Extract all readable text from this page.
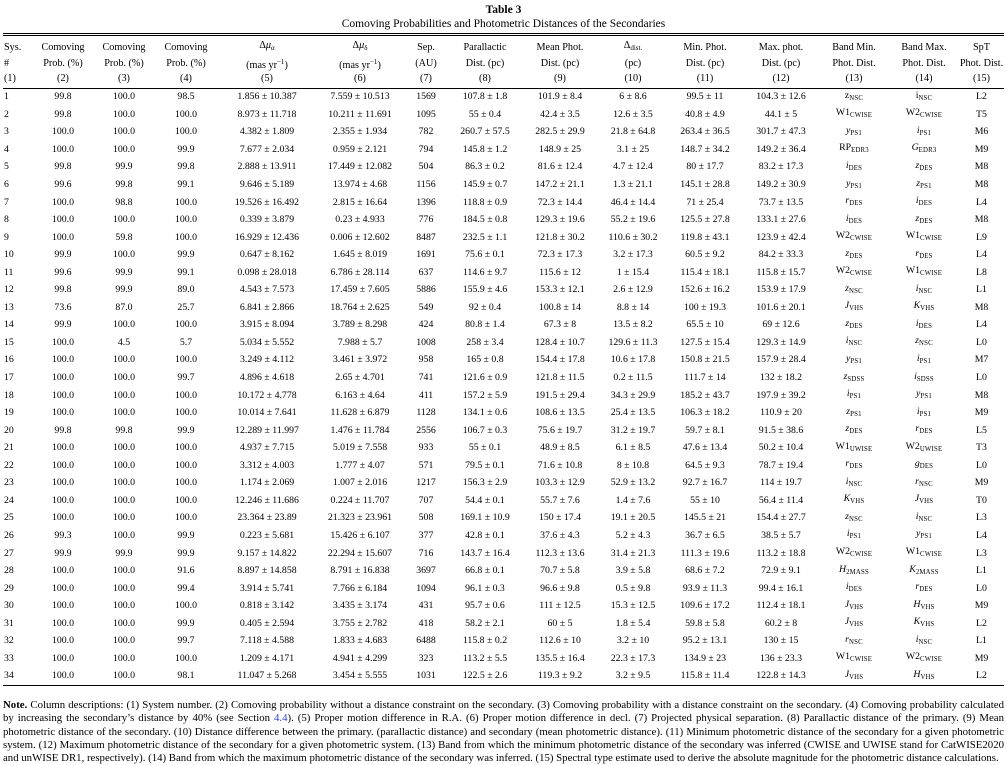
Table 3
Comoving Probabilities and Photometric Distances of the Secondaries
Sys.	Comoving	Comoving	Comoving	$\Delta\mu_\alpha$	$\Delta\mu_\delta$	Sep.	Parallactic	Mean Phot.	$\Delta_{dist.}$	Min. Phot.	Max. phot.	Band Min.	Band Max.	SpT
#	Prob. (%)	Prob. (%)	Prob. (%)	(mas $yr^{-1}$)	(mas $yr^{-1}$)	(AU)	Dist. (pc)	Dist. (pc)	(pc)	Dist. (pc)	Dist. (pc)	Phot. Dist.	Phot. Dist.	Phot. Dist.
(1)	(2)	(3)	(4)	(5)	(6)	(7)	(8)	(9)	(10)	(11)	(12)	(13)	(14)	(15)
1	99.8	100.0	98.5	1.856 ± 10.387	7.559 ± 10.513	1569	107.8 ± 1.8	101.9 ± 8.4	6 ± 8.6	99.5 ± 11	104.3 ± 12.6	$z_{NSC}$	$i_{NSC}$	L2
2	99.8	100.0	100.0	8.973 ± 11.718	10.211 ± 11.691	1095	55 ± 0.4	42.4 ± 3.5	12.6 ± 3.5	40.8 ± 4.9	44.1 ± 5	$W1_{CWISE}$	$W2_{CWISE}$	T5
3	100.0	100.0	100.0	4.382 ± 1.809	2.355 ± 1.934	782	260.7 ± 57.5	282.5 ± 29.9	21.8 ± 64.8	263.4 ± 36.5	301.7 ± 47.3	$y_{PS1}$	$i_{PS1}$	M6
4	100.0	100.0	99.9	7.677 ± 2.034	0.959 ± 2.121	794	145.8 ± 1.2	148.9 ± 25	3.1 ± 25	148.7 ± 34.2	149.2 ± 36.4	$RP_{EDR3}$	$G_{EDR3}$	M9
5	99.8	99.9	99.8	2.888 ± 13.911	17.449 ± 12.082	504	86.3 ± 0.2	81.6 ± 12.4	4.7 ± 12.4	80 ± 17.7	83.2 ± 17.3	$i_{DES}$	$z_{DES}$	M8
6	99.6	99.8	99.1	9.646 ± 5.189	13.974 ± 4.68	1156	145.9 ± 0.7	147.2 ± 21.1	1.3 ± 21.1	145.1 ± 28.8	149.2 ± 30.9	$y_{PS1}$	$z_{PS1}$	M8
7	100.0	98.8	100.0	19.526 ± 16.492	2.815 ± 16.64	1396	118.8 ± 0.9	72.3 ± 14.4	46.4 ± 14.4	71 ± 25.4	73.7 ± 13.5	$r_{DES}$	$i_{DES}$	L4
8	100.0	100.0	100.0	0.339 ± 3.879	0.23 ± 4.933	776	184.5 ± 0.8	129.3 ± 19.6	55.2 ± 19.6	125.5 ± 27.8	133.1 ± 27.6	$i_{DES}$	$z_{DES}$	M8
9	100.0	59.8	100.0	16.929 ± 12.436	0.006 ± 12.602	8487	232.5 ± 1.1	121.8 ± 30.2	110.6 ± 30.2	119.8 ± 43.1	123.9 ± 42.4	$W2_{CWISE}$	$W1_{CWISE}$	L9
10	99.9	100.0	99.9	0.647 ± 8.162	1.645 ± 8.019	1691	75.6 ± 0.1	72.3 ± 17.3	3.2 ± 17.3	60.5 ± 9.2	84.2 ± 33.3	$z_{DES}$	$r_{DES}$	L4
11	99.6	99.9	99.1	0.098 ± 28.018	6.786 ± 28.114	637	114.6 ± 9.7	115.6 ± 12	1 ± 15.4	115.4 ± 18.1	115.8 ± 15.7	$W2_{CWISE}$	$W1_{CWISE}$	L8
12	99.8	99.9	89.0	4.543 ± 7.573	17.459 ± 7.605	5886	155.9 ± 4.6	153.3 ± 12.1	2.6 ± 12.9	152.6 ± 16.2	153.9 ± 17.9	$z_{NSC}$	$i_{NSC}$	L1
13	73.6	87.0	25.7	6.841 ± 2.866	18.764 ± 2.625	549	92 ± 0.4	100.8 ± 14	8.8 ± 14	100 ± 19.3	101.6 ± 20.1	$J_{VHS}$	$K_{VHS}$	M8
14	99.9	100.0	100.0	3.915 ± 8.094	3.789 ± 8.298	424	80.8 ± 1.4	67.3 ± 8	13.5 ± 8.2	65.5 ± 10	69 ± 12.6	$z_{DES}$	$i_{DES}$	L4
15	100.0	4.5	5.7	5.034 ± 5.552	7.988 ± 5.7	1008	258 ± 3.4	128.4 ± 10.7	129.6 ± 11.3	127.5 ± 15.4	129.3 ± 14.9	$i_{NSC}$	$z_{NSC}$	L0
16	100.0	100.0	100.0	3.249 ± 4.112	3.461 ± 3.972	958	165 ± 0.8	154.4 ± 17.8	10.6 ± 17.8	150.8 ± 21.5	157.9 ± 28.4	$y_{PS1}$	$i_{PS1}$	M7
17	100.0	100.0	99.7	4.896 ± 4.618	2.65 ± 4.701	741	121.6 ± 0.9	121.8 ± 11.5	0.2 ± 11.5	111.7 ± 14	132 ± 18.2	$z_{SDSS}$	$i_{SDSS}$	L0
18	100.0	100.0	100.0	10.172 ± 4.778	6.163 ± 4.64	411	157.2 ± 5.9	191.5 ± 29.4	34.3 ± 29.9	185.2 ± 43.7	197.9 ± 39.2	$i_{PS1}$	$y_{PS1}$	M8
19	100.0	100.0	100.0	10.014 ± 7.641	11.628 ± 6.879	1128	134.1 ± 0.6	108.6 ± 13.5	25.4 ± 13.5	106.3 ± 18.2	110.9 ± 20	$z_{PS1}$	$i_{PS1}$	M9
20	99.8	99.8	99.9	12.289 ± 11.997	1.476 ± 11.784	2556	106.7 ± 0.3	75.6 ± 19.7	31.2 ± 19.7	59.7 ± 8.1	91.5 ± 38.6	$z_{DES}$	$r_{DES}$	L5
21	100.0	100.0	100.0	4.937 ± 7.715	5.019 ± 7.558	933	55 ± 0.1	48.9 ± 8.5	6.1 ± 8.5	47.6 ± 13.4	50.2 ± 10.4	$W1_{UWISE}$	$W2_{UWISE}$	T3
22	100.0	100.0	100.0	3.312 ± 4.003	1.777 ± 4.07	571	79.5 ± 0.1	71.6 ± 10.8	8 ± 10.8	64.5 ± 9.3	78.7 ± 19.4	$r_{DES}$	$g_{DES}$	L0
23	100.0	100.0	100.0	1.174 ± 2.069	1.007 ± 2.016	1217	156.3 ± 2.9	103.3 ± 12.9	52.9 ± 13.2	92.7 ± 16.7	114 ± 19.7	$i_{NSC}$	$r_{NSC}$	M9
24	100.0	100.0	100.0	12.246 ± 11.686	0.224 ± 11.707	707	54.4 ± 0.1	55.7 ± 7.6	1.4 ± 7.6	55 ± 10	56.4 ± 11.4	$K_{VHS}$	$J_{VHS}$	T0
25	100.0	100.0	100.0	23.364 ± 23.89	21.323 ± 23.961	508	169.1 ± 10.9	150 ± 17.4	19.1 ± 20.5	145.5 ± 21	154.4 ± 27.7	$z_{NSC}$	$i_{NSC}$	L3
26	99.3	100.0	99.9	0.223 ± 5.681	15.426 ± 6.107	377	42.8 ± 0.1	37.6 ± 4.3	5.2 ± 4.3	36.7 ± 6.5	38.5 ± 5.7	$i_{PS1}$	$y_{PS1}$	L4
27	99.9	99.9	99.9	9.157 ± 14.822	22.294 ± 15.607	716	143.7 ± 16.4	112.3 ± 13.6	31.4 ± 21.3	111.3 ± 19.6	113.2 ± 18.8	$W2_{CWISE}$	$W1_{CWISE}$	L3
28	100.0	100.0	91.6	8.897 ± 14.858	8.791 ± 16.838	3697	66.8 ± 0.1	70.7 ± 5.8	3.9 ± 5.8	68.6 ± 7.2	72.9 ± 9.1	$H_{2MASS}$	$K_{2MASS}$	L1
29	100.0	100.0	99.4	3.914 ± 5.741	7.766 ± 6.184	1094	96.1 ± 0.3	96.6 ± 9.8	0.5 ± 9.8	93.9 ± 11.3	99.4 ± 16.1	$i_{DES}$	$r_{DES}$	L0
30	100.0	100.0	100.0	0.818 ± 3.142	3.435 ± 3.174	431	95.7 ± 0.6	111 ± 12.5	15.3 ± 12.5	109.6 ± 17.2	112.4 ± 18.1	$J_{VHS}$	$H_{VHS}$	M9
31	100.0	100.0	99.9	0.405 ± 2.594	3.755 ± 2.782	418	58.2 ± 2.1	60 ± 5	1.8 ± 5.4	59.8 ± 5.8	60.2 ± 8	$J_{VHS}$	$K_{VHS}$	L2
32	100.0	100.0	99.7	7.118 ± 4.588	1.833 ± 4.683	6488	115.8 ± 0.2	112.6 ± 10	3.2 ± 10	95.2 ± 13.1	130 ± 15	$r_{NSC}$	$i_{NSC}$	L1
33	100.0	100.0	100.0	1.209 ± 4.171	4.941 ± 4.299	323	113.2 ± 5.5	135.5 ± 16.4	22.3 ± 17.3	134.9 ± 23	136 ± 23.3	$W1_{CWISE}$	$W2_{CWISE}$	M9
34	100.0	100.0	98.1	11.047 ± 5.268	3.454 ± 5.555	1031	122.5 ± 2.6	119.3 ± 9.2	3.2 ± 9.5	115.8 ± 11.4	122.8 ± 14.3	$J_{VHS}$	$H_{VHS}$	L2
Note. Column descriptions: (1) System number. (2) Comoving probability without a distance constraint on the secondary. (3) Comoving probability with a distance constraint on the secondary. (4) Comoving probability calculated by increasing the secondary’s distance by 40% (see Section 4.4). (5) Proper motion difference in R.A. (6) Proper motion difference in decl. (7) Projected physical separation. (8) Parallactic distance of the primary. (9) Mean photometric distance of the secondary. (10) Distance difference between the primary. (parallactic distance) and secondary (mean photometric distance). (11) Minimum photometric distance of the secondary for a given photometric system. (12) Maximum photometric distance of the secondary for a given photometric system. (13) Band from which the minimum photometric distance of the secondary was inferred (CWISE and UWISE stand for CatWISE2020 and unWISE DR1, respectively). (14) Band from which the maximum photometric distance of the secondary was inferred. (15) Spectral type estimate used to derive the absolute magnitude for the photometric distance calculations.
